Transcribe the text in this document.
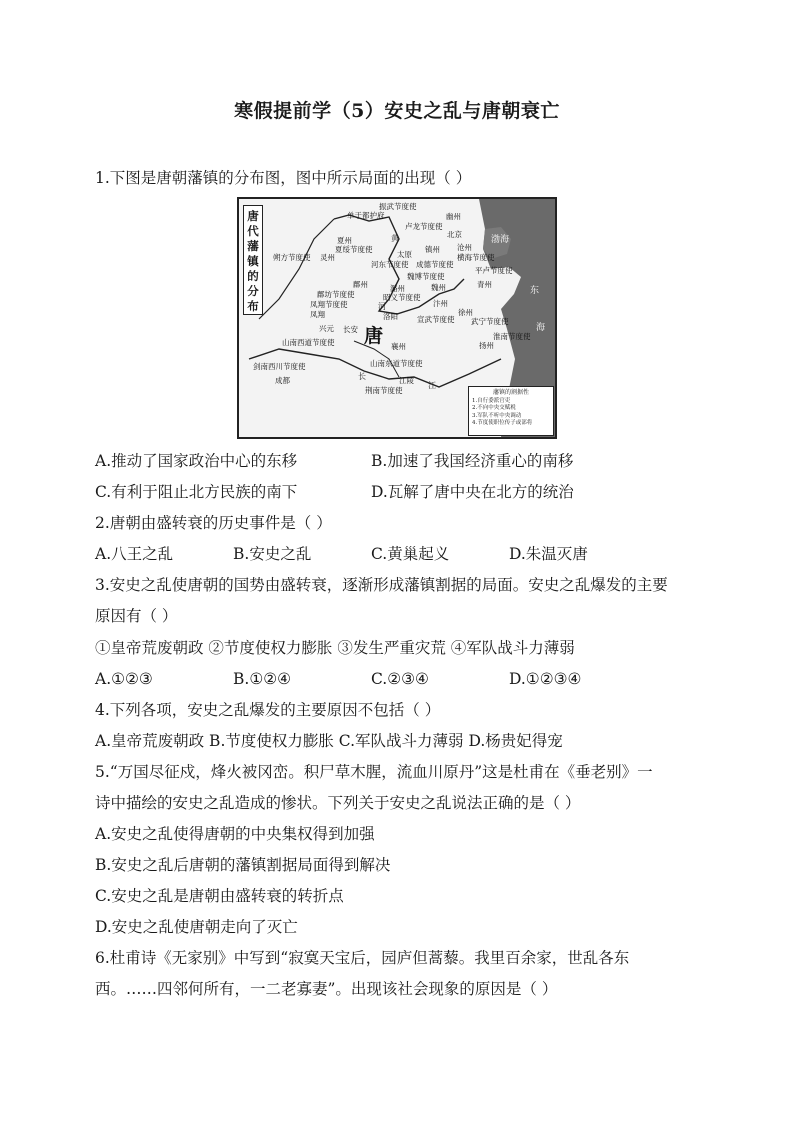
寒假提前学（5）安史之乱与唐朝衰亡
1.下图是唐朝藩镇的分布图，图中所示局面的出现（ ）
唐代藩镇的分布
振武节度使
单于都护府	幽州
卢龙节度使
北京
夏州
夏绥节度使
黄
朔方节度使 灵州	太原
河东节度使
镇州
成德节度使
沧州
横海节度使
渤海
平卢节度使
青州
魏博节度使
魏州
鄜州
鄜坊节度使
潞州
昭义节度使
汴州
河
凤翔节度使
凤翔	洛阳	宣武节度使
徐州
武宁节度使
东
海
兴元 长安 唐
山南西道节度使
淮南节度使
扬州
襄州
山南东道节度使
剑南西川节度使
成都	长	江陵
江
荆南节度使	藩镇的割据性
1.自行委派官吏
2.不向中央交赋税
3.军队不听中央调动
4.节度使职位传子或部将
A.推动了国家政治中心的东移	B.加速了我国经济重心的南移
C.有利于阻止北方民族的南下	D.瓦解了唐中央在北方的统治
2.唐朝由盛转衰的历史事件是（ ）
A.八王之乱	B.安史之乱	C.黄巢起义	D.朱温灭唐
3.安史之乱使唐朝的国势由盛转衰，逐渐形成藩镇割据的局面。安史之乱爆发的主要
原因有（ ）
①皇帝荒废朝政 ②节度使权力膨胀 ③发生严重灾荒 ④军队战斗力薄弱
A.①②③	B.①②④	C.②③④	D.①②③④
4.下列各项，安史之乱爆发的主要原因不包括（ ）
A.皇帝荒废朝政 B.节度使权力膨胀 C.军队战斗力薄弱 D.杨贵妃得宠
5.“万国尽征戍，烽火被冈峦。积尸草木腥，流血川原丹”这是杜甫在《垂老别》一
诗中描绘的安史之乱造成的惨状。下列关于安史之乱说法正确的是（ ）
A.安史之乱使得唐朝的中央集权得到加强
B.安史之乱后唐朝的藩镇割据局面得到解决
C.安史之乱是唐朝由盛转衰的转折点
D.安史之乱使唐朝走向了灭亡
6.杜甫诗《无家别》中写到“寂寞天宝后，园庐但蒿藜。我里百余家，世乱各东
西。……四邻何所有，一二老寡妻”。出现该社会现象的原因是（ ）
